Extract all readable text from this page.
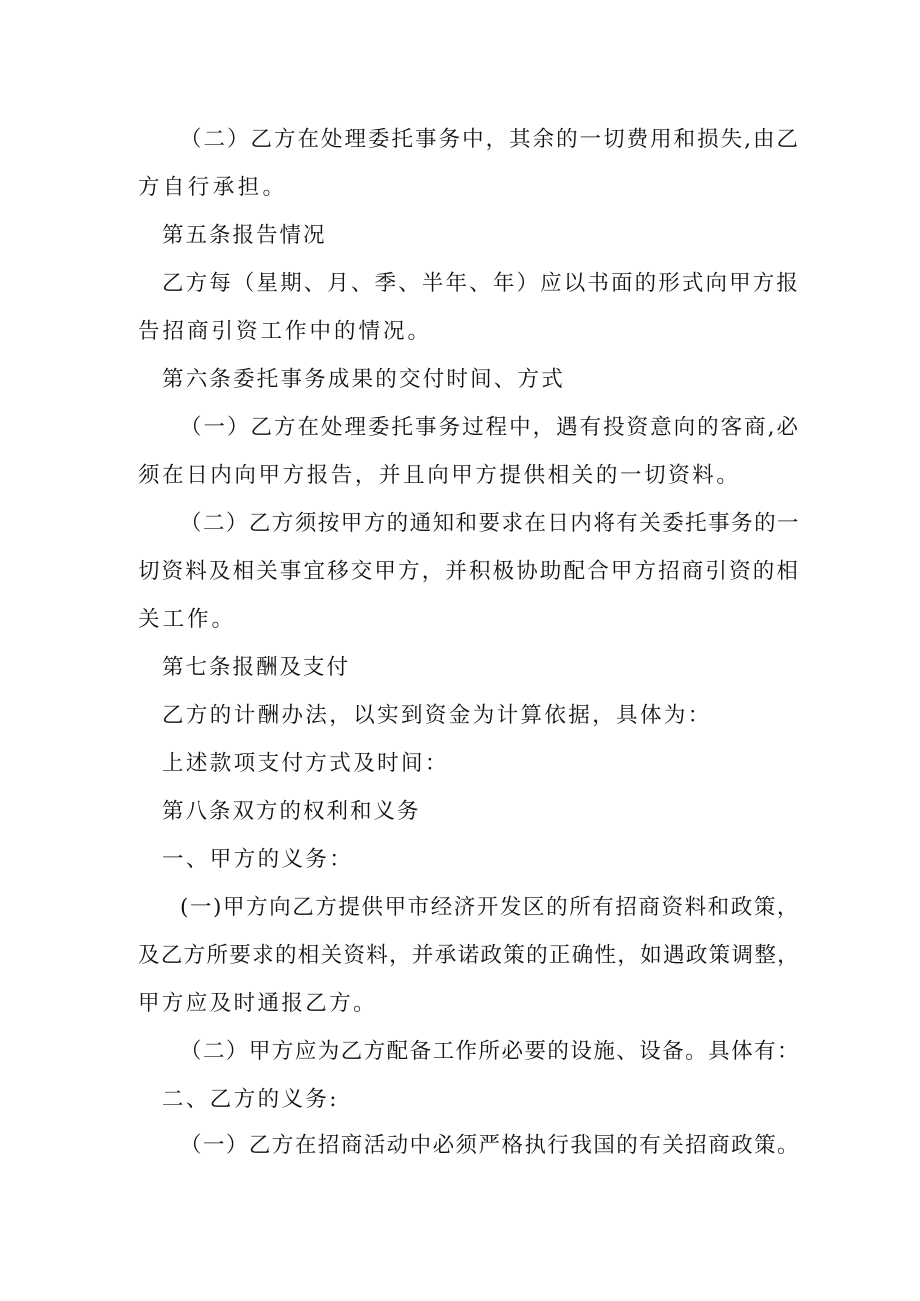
（二）乙方在处理委托事务中，其余的一切费用和损失,由乙
方自行承担。
第五条报告情况
乙方每（星期、月、季、半年、年）应以书面的形式向甲方报
告招商引资工作中的情况。
第六条委托事务成果的交付时间、方式
（一）乙方在处理委托事务过程中，遇有投资意向的客商,必
须在日内向甲方报告，并且向甲方提供相关的一切资料。
（二）乙方须按甲方的通知和要求在日内将有关委托事务的一
切资料及相关事宜移交甲方，并积极协助配合甲方招商引资的相
关工作。
第七条报酬及支付
乙方的计酬办法，以实到资金为计算依据，具体为：
上述款项支付方式及时间：
第八条双方的权利和义务
一、甲方的义务：
(一)甲方向乙方提供甲市经济开发区的所有招商资料和政策，
及乙方所要求的相关资料，并承诺政策的正确性，如遇政策调整，
甲方应及时通报乙方。
（二）甲方应为乙方配备工作所必要的设施、设备。具体有：
二、乙方的义务:
（一）乙方在招商活动中必须严格执行我国的有关招商政策。
